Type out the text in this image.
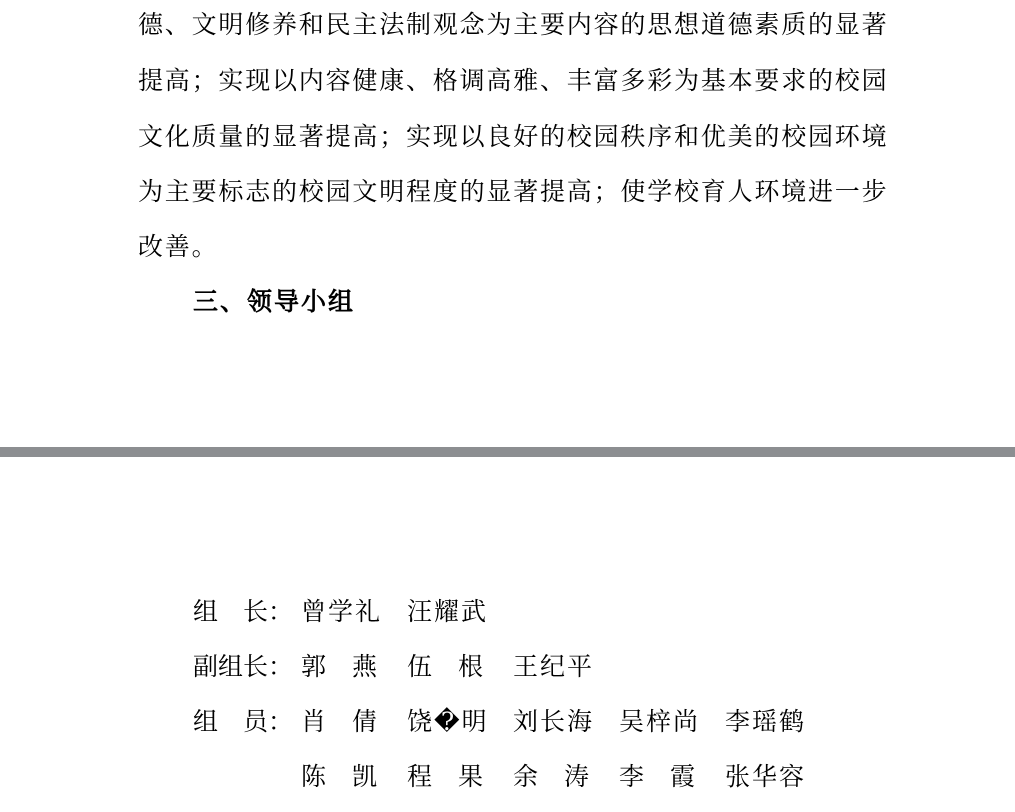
德、文明修养和民主法制观念为主要内容的思想道德素质的显著
提高；实现以内容健康、格调高雅、丰富多彩为基本要求的校园
文化质量的显著提高；实现以良好的校园秩序和优美的校园环境
为主要标志的校园文明程度的显著提高；使学校育人环境进一步
改善。
三、领导小组
组　长： 曾学礼 汪耀武
副组长： 郭燕 伍根 王纪平
组　员： 肖倩 饶�明 刘长海 吴梓尚 李瑶鹤
陈凯 程果 余涛 李霞 张华容
